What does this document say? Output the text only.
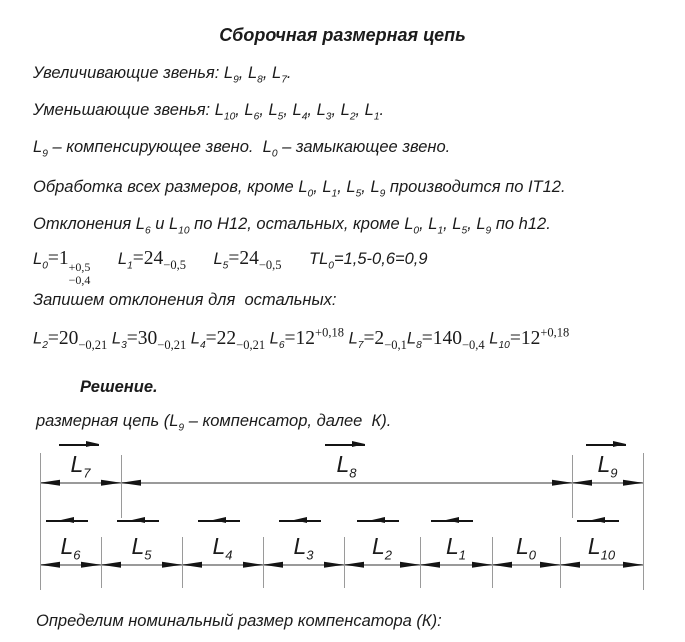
Сборочная размерная цепь
Увеличивающие звенья: $L_9$, $L_8$, $L_7$.
Уменьшающие звенья: $L_{10}$, $L_6$, $L_5$, $L_4$, $L_3$, $L_2$, $L_1$.
$L_9$ – компенсирующее звено.  $L_0$ – замыкающее звено.
Обработка всех размеров, кроме $L_0$, $L_1$, $L_5$, $L_9$ производится по IT12.
Отклонения $L_6$ и $L_{10}$ по H12, остальных, кроме $L_0$, $L_1$, $L_5$, $L_9$ по h12.
$L_0=1 +0,5$
−0,4
$L_1=24_{-0,5}$      $L_5=24_{-0,5}$      $TL_0=1,5-0,6=0,9$
Запишем отклонения для  остальных:
$L_2=20_{-0,21}$ $L_3=30_{-0,21}$ $L_4=22_{-0,21}$ $L_6=12^{+0,18}$ $L_7=2_{-0,1}L_8=140_{-0,4}$ $L_{10}=12^{+0,18}$
Решение.
размерная цепь ($L_9$ – компенсатор, далее  К).
Определим номинальный размер компенсатора (К):
$L_7$	$L_8$	$L_9$
$L_6$ $L_5$	$L_4$	$L_3$	$L_2$ $L_1$ $L_0$ $L_{10}$
